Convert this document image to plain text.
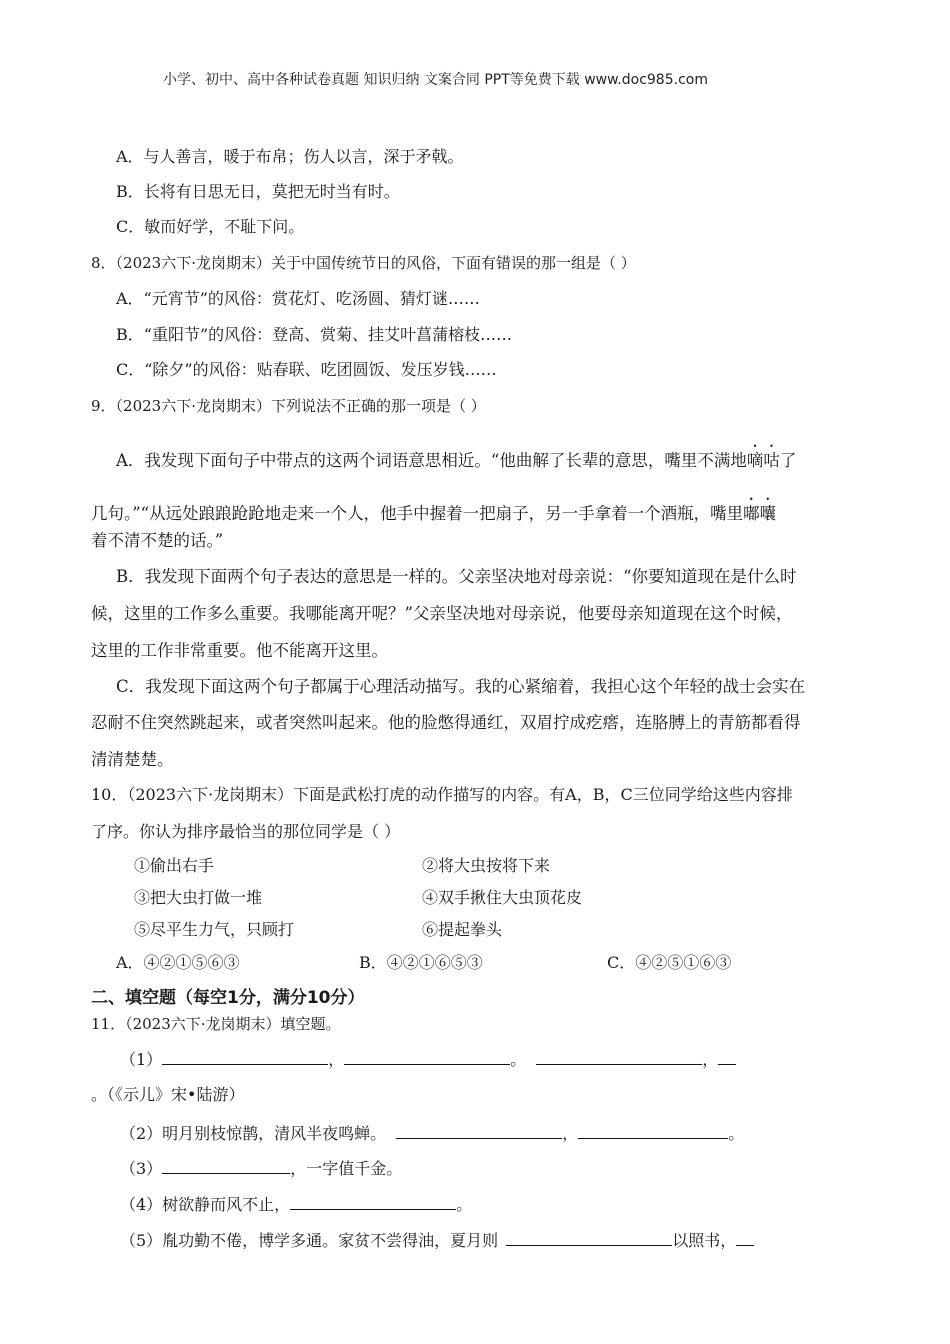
小学、初中、高中各种试卷真题 知识归纳 文案合同 PPT等免费下载 www.doc985.com
A．与人善言，暖于布帛；伤人以言，深于矛戟。
B．长将有日思无日，莫把无时当有时。
C．敏而好学，不耻下问。
8．（2023六下·龙岗期末）关于中国传统节日的风俗，下面有错误的那一组是（ ）
A．“元宵节”的风俗：赏花灯、吃汤圆、猜灯谜……
B．“重阳节”的风俗：登高、赏菊、挂艾叶菖蒲榕枝……
C．“除夕”的风俗：贴春联、吃团圆饭、发压岁钱……
9．（2023六下·龙岗期末）下列说法不正确的那一项是（ ）
A．我发现下面句子中带点的这两个词语意思相近。“他曲解了长辈的意思，嘴里不满地嘀咕了
几句。”“从远处踉踉跄跄地走来一个人，他手中握着一把扇子，另一手拿着一个酒瓶，嘴里嘟囔
着不清不楚的话。”
B．我发现下面两个句子表达的意思是一样的。父亲坚决地对母亲说：“你要知道现在是什么时
候，这里的工作多么重要。我哪能离开呢？”父亲坚决地对母亲说，他要母亲知道现在这个时候，
这里的工作非常重要。他不能离开这里。
C．我发现下面这两个句子都属于心理活动描写。我的心紧缩着，我担心这个年轻的战士会实在
忍耐不住突然跳起来，或者突然叫起来。他的脸憋得通红，双眉拧成疙瘩，连胳膊上的青筋都看得
清清楚楚。
10．（2023六下·龙岗期末）下面是武松打虎的动作描写的内容。有A，B，C三位同学给这些内容排
了序。你认为排序最恰当的那位同学是（ ）
①偷出右手	②将大虫按将下来
③把大虫打做一堆	④双手揪住大虫顶花皮
⑤尽平生力气，只顾打	⑥提起拳头
A．④②①⑤⑥③	B．④②①⑥⑤③	C．④②⑤①⑥③
二、填空题（每空1分，满分10分）
11．（2023六下·龙岗期末）填空题。
（1）	，	。	，
。（《示儿》宋•陆游）
（2）明月别枝惊鹊，清风半夜鸣蝉。	，	。
（3）	，一字值千金。
（4）树欲静而风不止，	。
（5）胤功勤不倦，博学多通。家贫不尝得油，夏月则	以照书，
